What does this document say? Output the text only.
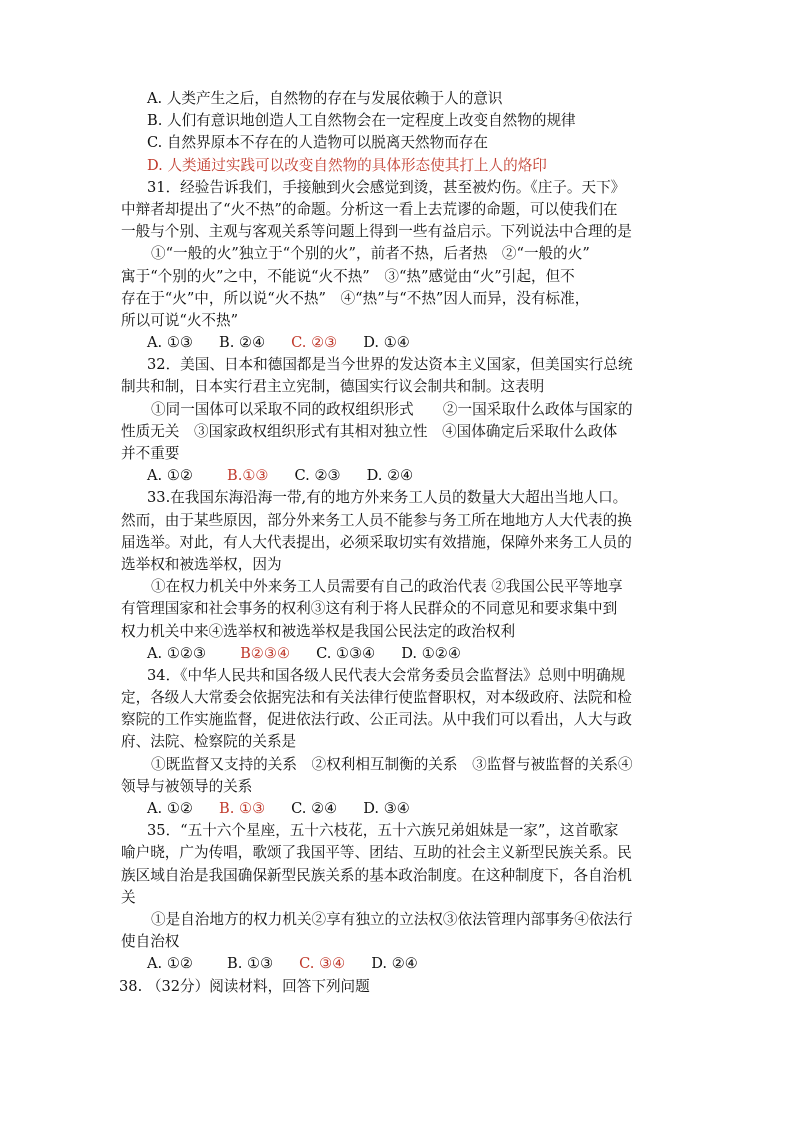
A. 人类产生之后，自然物的存在与发展依赖于人的意识
B. 人们有意识地创造人工自然物会在一定程度上改变自然物的规律
C. 自然界原本不存在的人造物可以脱离天然物而存在
D. 人类通过实践可以改变自然物的具体形态使其打上人的烙印
31．经验告诉我们，手接触到火会感觉到烫，甚至被灼伤。《庄子。天下》
中辩者却提出了“火不热”的命题。分析这一看上去荒谬的命题，可以使我们在
一般与个别、主观与客观关系等问题上得到一些有益启示。下列说法中合理的是
①“一般的火”独立于“个别的火”，前者不热，后者热　②“一般的火”
寓于“个别的火”之中，不能说“火不热”　③“热”感觉由“火”引起，但不
存在于“火”中，所以说“火不热”　④“热”与“不热”因人而异，没有标准，
所以可说“火不热”
A. ①③ B. ②④ C. ②③ D. ①④
32．美国、日本和德国都是当今世界的发达资本主义国家，但美国实行总统
制共和制，日本实行君主立宪制，德国实行议会制共和制。这表明
①同一国体可以采取不同的政权组织形式　　②一国采取什么政体与国家的
性质无关　③国家政权组织形式有其相对独立性　④国体确定后采取什么政体
并不重要
A. ①② B.①③ C. ②③ D. ②④
33.在我国东海沿海一带,有的地方外来务工人员的数量大大超出当地人口。
然而，由于某些原因，部分外来务工人员不能参与务工所在地地方人大代表的换
届选举。对此，有人大代表提出，必须采取切实有效措施，保障外来务工人员的
选举权和被选举权，因为
①在权力机关中外来务工人员需要有自己的政治代表 ②我国公民平等地享
有管理国家和社会事务的权利③这有利于将人民群众的不同意见和要求集中到
权力机关中来④选举权和被选举权是我国公民法定的政治权利
A. ①②③ B②③④ C. ①③④ D. ①②④
34．《中华人民共和国各级人民代表大会常务委员会监督法》总则中明确规
定，各级人大常委会依据宪法和有关法律行使监督职权，对本级政府、法院和检
察院的工作实施监督，促进依法行政、公正司法。从中我们可以看出，人大与政
府、法院、检察院的关系是
①既监督又支持的关系　②权利相互制衡的关系　③监督与被监督的关系④
领导与被领导的关系
A. ①② B. ①③ C. ②④ D. ③④
35．“五十六个星座，五十六枝花，五十六族兄弟姐妹是一家”，这首歌家
喻户晓，广为传唱，歌颂了我国平等、团结、互助的社会主义新型民族关系。民
族区域自治是我国确保新型民族关系的基本政治制度。在这种制度下，各自治机
关
①是自治地方的权力机关②享有独立的立法权③依法管理内部事务④依法行
使自治权
A. ①② B. ①③ C. ③④ D. ②④
38. （32分）阅读材料，回答下列问题
